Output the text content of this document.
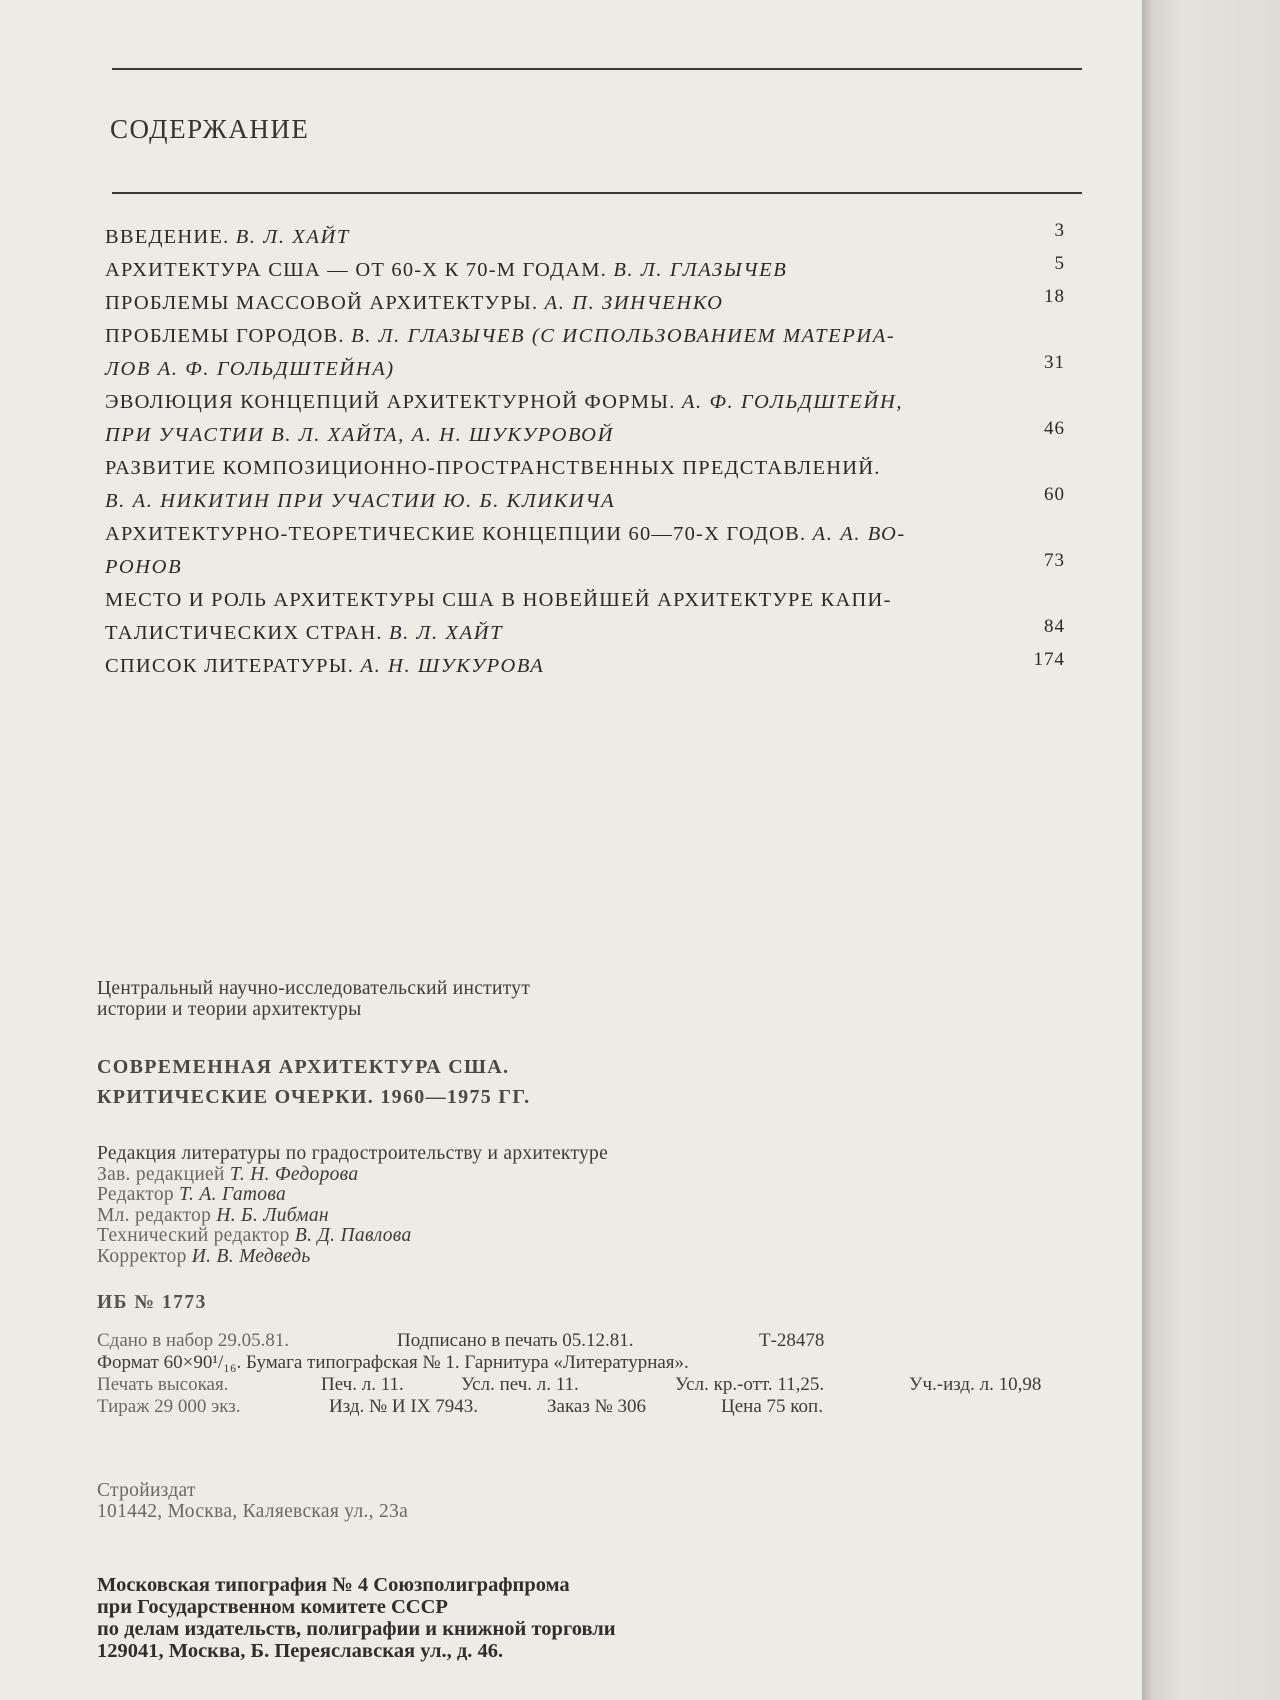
СОДЕРЖАНИЕ
ВВЕДЕНИЕ. В. Л. ХАЙТ	3
АРХИТЕКТУРА США — ОТ 60-Х К 70-М ГОДАМ. В. Л. ГЛАЗЫЧЕВ	5
ПРОБЛЕМЫ МАССОВОЙ АРХИТЕКТУРЫ. А. П. ЗИНЧЕНКО	18
ПРОБЛЕМЫ ГОРОДОВ. В. Л. ГЛАЗЫЧЕВ (С ИСПОЛЬЗОВАНИЕМ МАТЕРИА-
ЛОВ А. Ф. ГОЛЬДШТЕЙНА)	31
ЭВОЛЮЦИЯ КОНЦЕПЦИЙ АРХИТЕКТУРНОЙ ФОРМЫ. А. Ф. ГОЛЬДШТЕЙН,
ПРИ УЧАСТИИ В. Л. ХАЙТА, А. Н. ШУКУРОВОЙ	46
РАЗВИТИЕ КОМПОЗИЦИОННО-ПРОСТРАНСТВЕННЫХ ПРЕДСТАВЛЕНИЙ.
В. А. НИКИТИН ПРИ УЧАСТИИ Ю. Б. КЛИКИЧА	60
АРХИТЕКТУРНО-ТЕОРЕТИЧЕСКИЕ КОНЦЕПЦИИ 60—70-Х ГОДОВ. А. А. ВО-
РОНОВ	73
МЕСТО И РОЛЬ АРХИТЕКТУРЫ США В НОВЕЙШЕЙ АРХИТЕКТУРЕ КАПИ-
ТАЛИСТИЧЕСКИХ СТРАН. В. Л. ХАЙТ	84
СПИСОК ЛИТЕРАТУРЫ. А. Н. ШУКУРОВА	174
Центральный научно-исследовательский институт
истории и теории архитектуры
СОВРЕМЕННАЯ АРХИТЕКТУРА США.
КРИТИЧЕСКИЕ ОЧЕРКИ. 1960—1975 ГГ.
Редакция литературы по градостроительству и архитектуре
Зав. редакцией Т. Н. Федорова
Редактор Т. А. Гатова
Мл. редактор Н. Б. Либман
Технический редактор В. Д. Павлова
Корректор И. В. Медведь
ИБ № 1773
Сдано в набор 29.05.81.	Подписано в печать 05.12.81.	Т-28478
Формат 60×90¹/₁₆. Бумага типографская № 1. Гарнитура «Литературная».
Печать высокая.	Печ. л. 11.	Усл. печ. л. 11.	Усл. кр.-отт. 11,25.	Уч.-изд. л. 10,98
Тираж 29 000 экз.	Изд. № И IX 7943.	Заказ № 306	Цена 75 коп.
Стройиздат
101442, Москва, Каляевская ул., 23а
Московская типография № 4 Союзполиграфпрома
при Государственном комитете СССР
по делам издательств, полиграфии и книжной торговли
129041, Москва, Б. Переяславская ул., д. 46.
